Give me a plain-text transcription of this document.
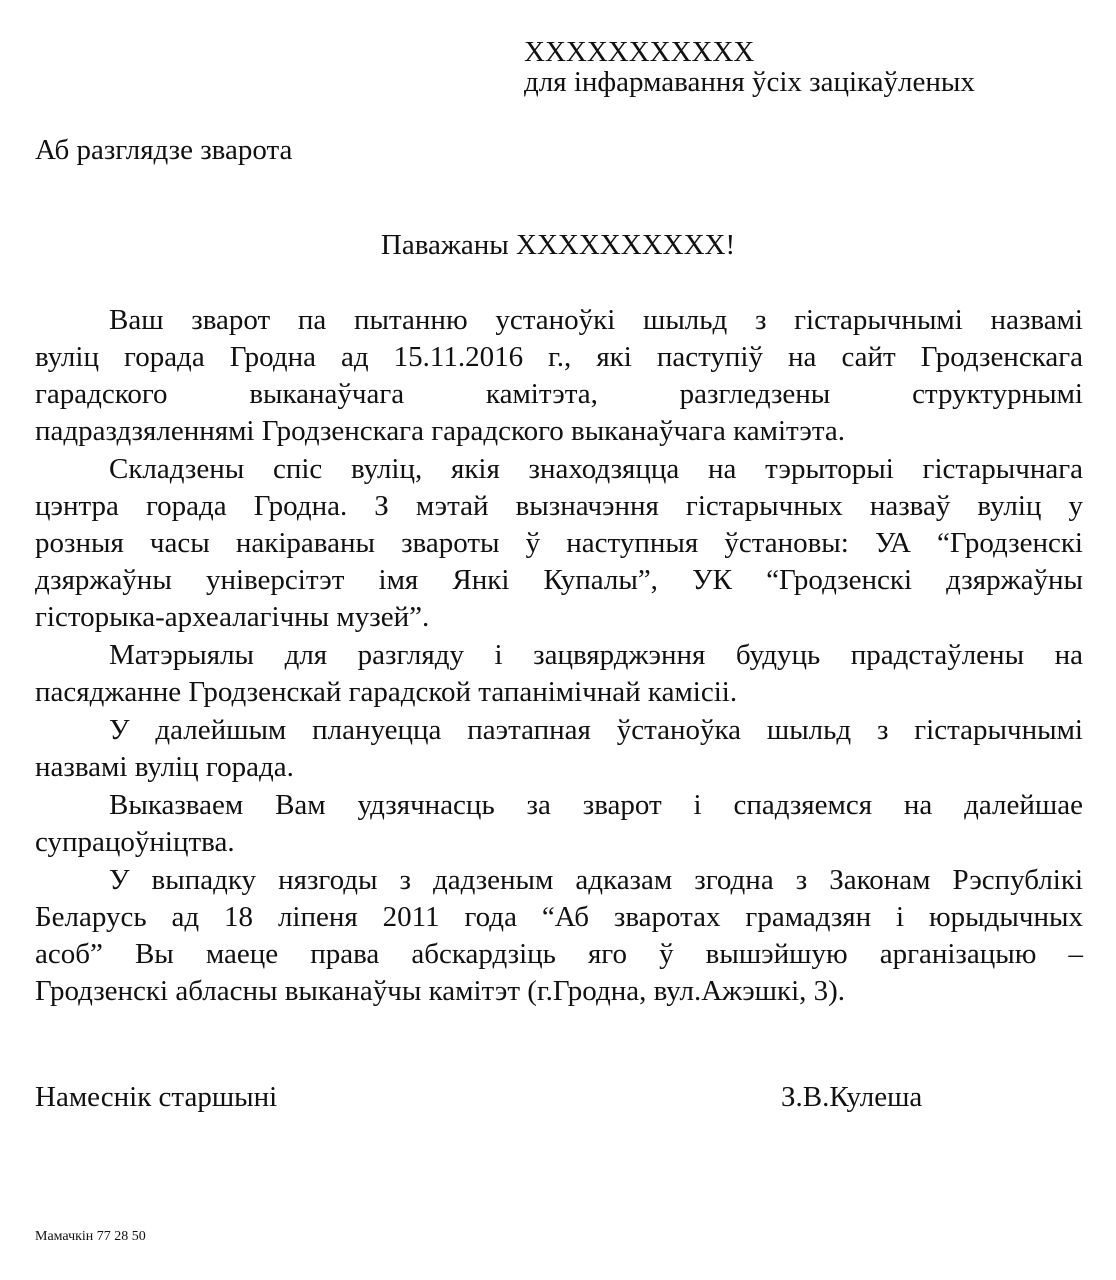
XXXXXXXXXXX
для інфармавання ўсіх зацікаўленых
Аб разглядзе зварота
Паважаны XXXXXXXXXX!
Ваш зварот па пытанню устаноўкі шыльд з гістарычнымі назвамі
вуліц горада Гродна ад 15.11.2016 г., які паступіў на сайт Гродзенскага
гарадского выканаўчага камітэта, разгледзены структурнымі
падраздзяленнямі Гродзенскага гарадского выканаўчага камітэта.
Складзены спіс вуліц, якія знаходзяцца на тэрыторыі гістарычнага
цэнтра горада Гродна. З мэтай вызначэння гістарычных назваў вуліц у
розныя часы накіраваны звароты ў наступныя ўстановы: УА “Гродзенскі
дзяржаўны універсітэт імя Янкі Купалы”, УК “Гродзенскі дзяржаўны
гісторыка-археалагічны музей”.
Матэрыялы для разгляду і зацвярджэння будуць прадстаўлены на
пасяджанне Гродзенскай гарадской тапанімічнай камісіі.
У далейшым плануецца паэтапная ўстаноўка шыльд з гістарычнымі
назвамі вуліц горада.
Выказваем Вам удзячнасць за зварот і спадзяемся на далейшае
супрацоўніцтва.
У выпадку нязгоды з дадзеным адказам згодна з Законам Рэспублікі
Беларусь ад 18 ліпеня 2011 года “Аб зваротах грамадзян і юрыдычных
асоб” Вы маеце права абскардзіць яго ў вышэйшую арганізацыю –
Гродзенскі абласны выканаўчы камітэт (г.Гродна, вул.Ажэшкі, 3).
Намеснік старшыні	З.В.Кулеша
Мамачкін 77 28 50
